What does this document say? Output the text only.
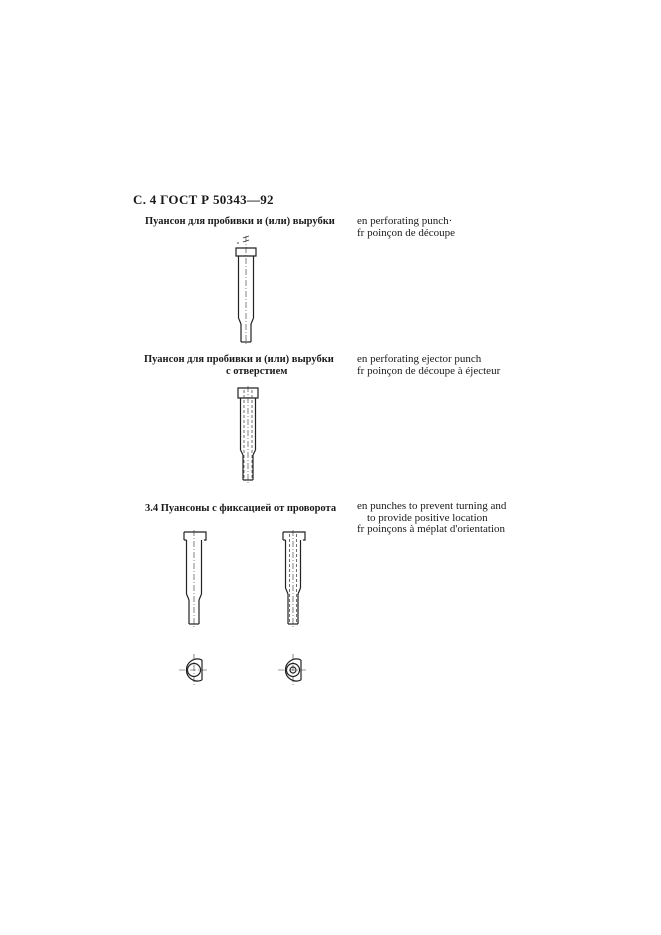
С. 4 ГОСТ Р 50343—92
Пуансон для пробивки и (или) вырубки en perforating punch·
fr poinçon de découpe
Пуансон для пробивки и (или) вырубки
с отверстием
en perforating ejector punch
fr poinçon de découpe à éjecteur
3.4 Пуансоны с фиксацией от проворота en punches to prevent turning and
to provide positive location
fr poinçons à méplat d'orientation
